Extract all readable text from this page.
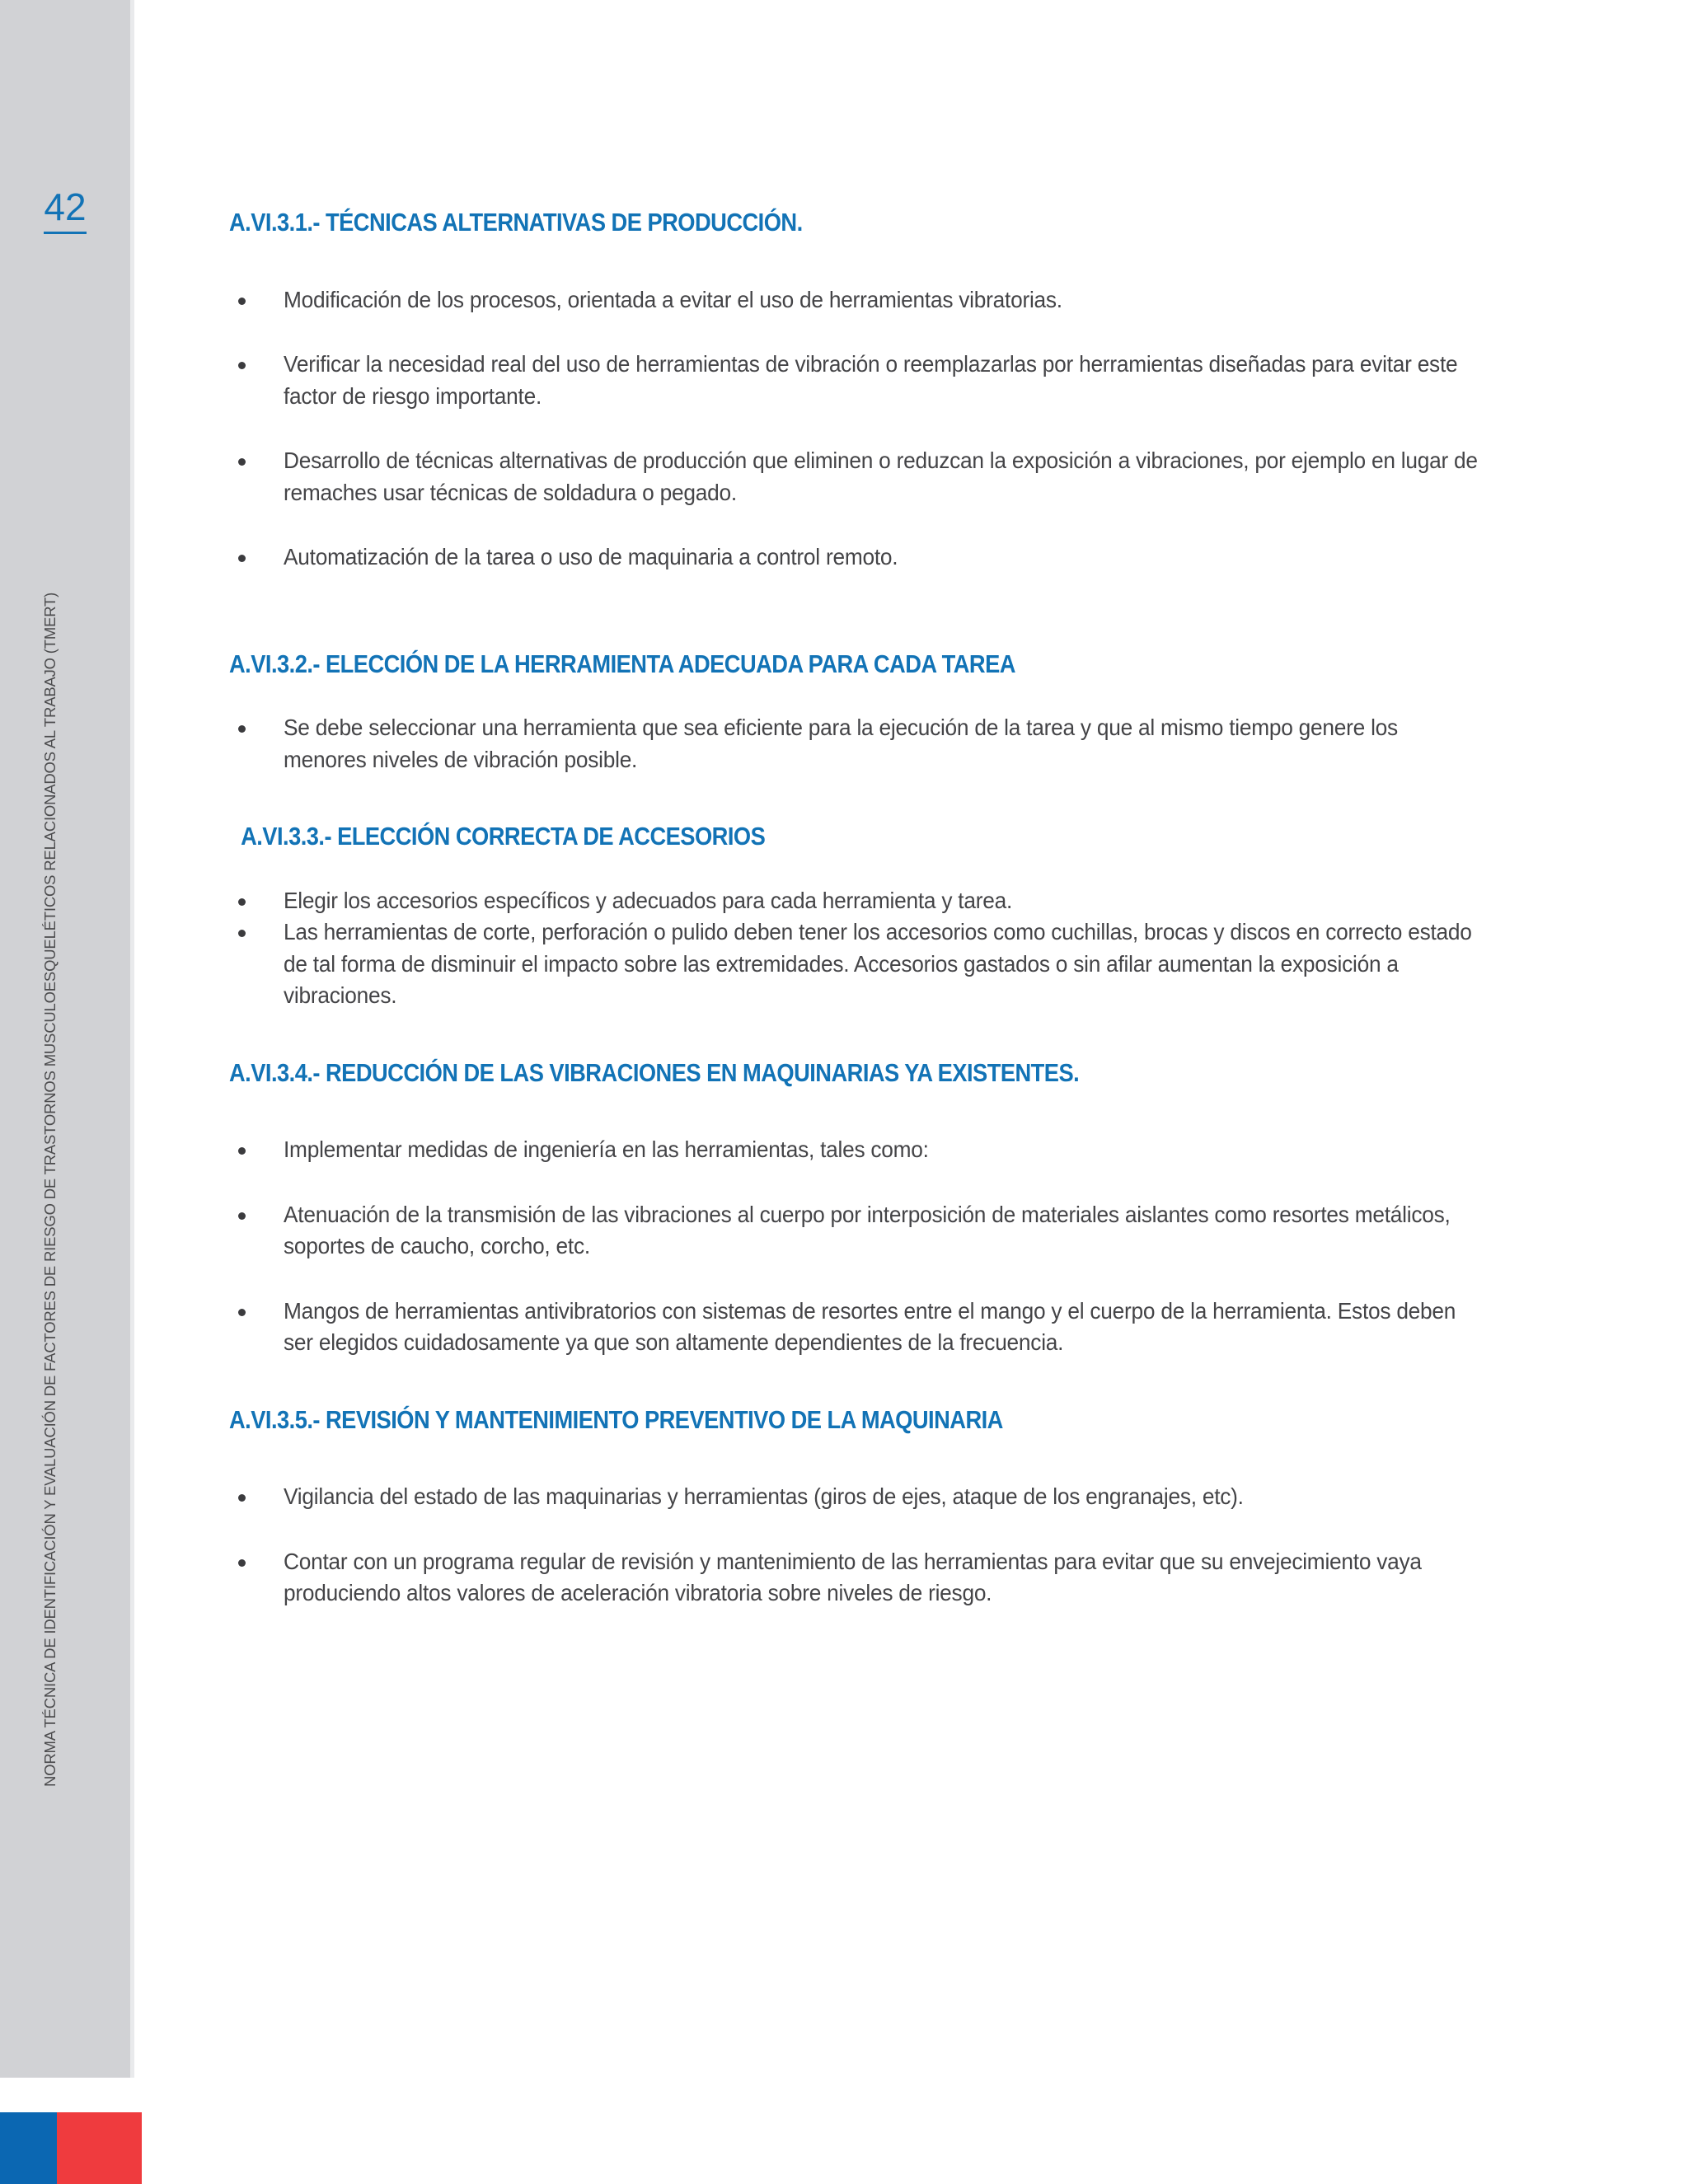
42
NORMA TÉCNICA DE IDENTIFICACIÓN Y EVALUACIÓN DE FACTORES DE RIESGO DE TRASTORNOS MUSCULOESQUELÉTICOS RELACIONADOS AL TRABAJO (TMERT)
A.VI.3.1.- TÉCNICAS ALTERNATIVAS DE PRODUCCIÓN.
Modificación de los procesos, orientada a evitar el uso de herramientas vibratorias.
Verificar la necesidad real del uso de herramientas de vibración o reemplazarlas por herramientas diseñadas para evitar este factor de riesgo importante.
Desarrollo de técnicas alternativas de producción que eliminen o reduzcan la exposición a vibraciones, por ejemplo en lugar de remaches usar técnicas de soldadura o pegado.
Automatización de la tarea o uso de maquinaria a control remoto.
A.VI.3.2.- ELECCIÓN DE LA HERRAMIENTA ADECUADA PARA CADA TAREA
Se debe seleccionar una herramienta que sea eficiente para la ejecución de la tarea y que al mismo tiempo genere los menores niveles de vibración posible.
A.VI.3.3.- ELECCIÓN CORRECTA DE ACCESORIOS
Elegir los accesorios específicos y adecuados para cada herramienta y tarea.
Las herramientas de corte, perforación o pulido deben tener los accesorios como cuchillas, brocas y discos en correcto estado de tal forma de disminuir el impacto sobre las extremidades. Accesorios gastados o sin afilar aumentan la exposición a vibraciones.
A.VI.3.4.- REDUCCIÓN DE LAS VIBRACIONES EN MAQUINARIAS YA EXISTENTES.
Implementar medidas de ingeniería en las herramientas, tales como:
Atenuación de la transmisión de las vibraciones al cuerpo por interposición de materiales aislantes como resortes metálicos, soportes de caucho, corcho, etc.
Mangos de herramientas antivibratorios con sistemas de resortes entre el mango y el cuerpo de la herramienta. Estos deben ser elegidos cuidadosamente ya que son altamente dependientes de la frecuencia.
A.VI.3.5.- REVISIÓN Y MANTENIMIENTO PREVENTIVO DE LA MAQUINARIA
Vigilancia del estado de las maquinarias y herramientas (giros de ejes, ataque de los engranajes, etc).
Contar con un programa regular de revisión y mantenimiento de las herramientas para evitar que su envejecimiento vaya produciendo altos valores de aceleración vibratoria sobre niveles de riesgo.
